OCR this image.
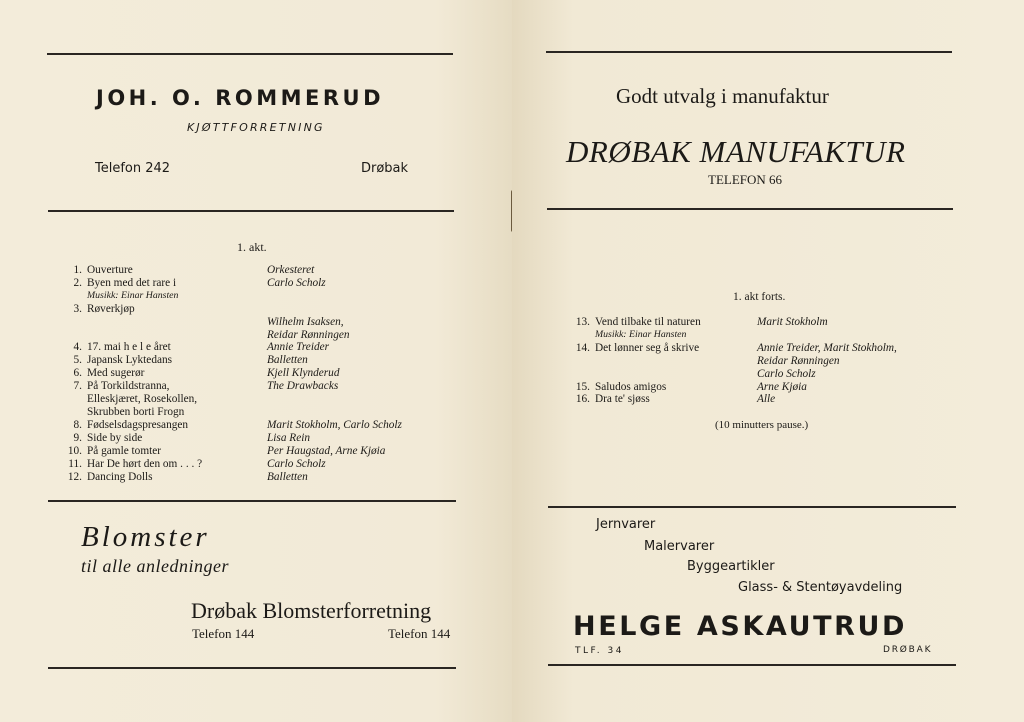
JOH. O. ROMMERUD
KJØTTFORRETNING
Telefon 242	Drøbak
1. akt.
1. Ouverture	Orkesteret
2. Byen med det rare i	Carlo Scholz
Musikk: Einar Hansten
3. Røverkjøp
Wilhelm Isaksen,
Reidar Rønningen
4. 17. mai h e l e året	Annie Treider
5. Japansk Lyktedans	Balletten
6. Med sugerør	Kjell Klynderud
7. På Torkildstranna,	The Drawbacks
Elleskjæret, Rosekollen,
Skrubben borti Frogn
8. Fødselsdagspresangen	Marit Stokholm, Carlo Scholz
9. Side by side	Lisa Rein
10. På gamle tomter	Per Haugstad, Arne Kjøia
11. Har De hørt den om . . . ?	Carlo Scholz
12. Dancing Dolls	Balletten
Blomster
til alle anledninger
Drøbak Blomsterforretning
Telefon 144	Telefon 144
Godt utvalg i manufaktur
DRØBAK MANUFAKTUR
TELEFON 66
1. akt forts.
13. Vend tilbake til naturen	Marit Stokholm
Musikk: Einar Hansten
14. Det lønner seg å skrive	Annie Treider, Marit Stokholm,
Reidar Rønningen
Carlo Scholz
15. Saludos amigos	Arne Kjøia
16. Dra te' sjøss	Alle
(10 minutters pause.)
Jernvarer
Malervarer
Byggeartikler
Glass- & Stentøyavdeling
HELGE ASKAUTRUD
TLF. 34	DRØBAK
